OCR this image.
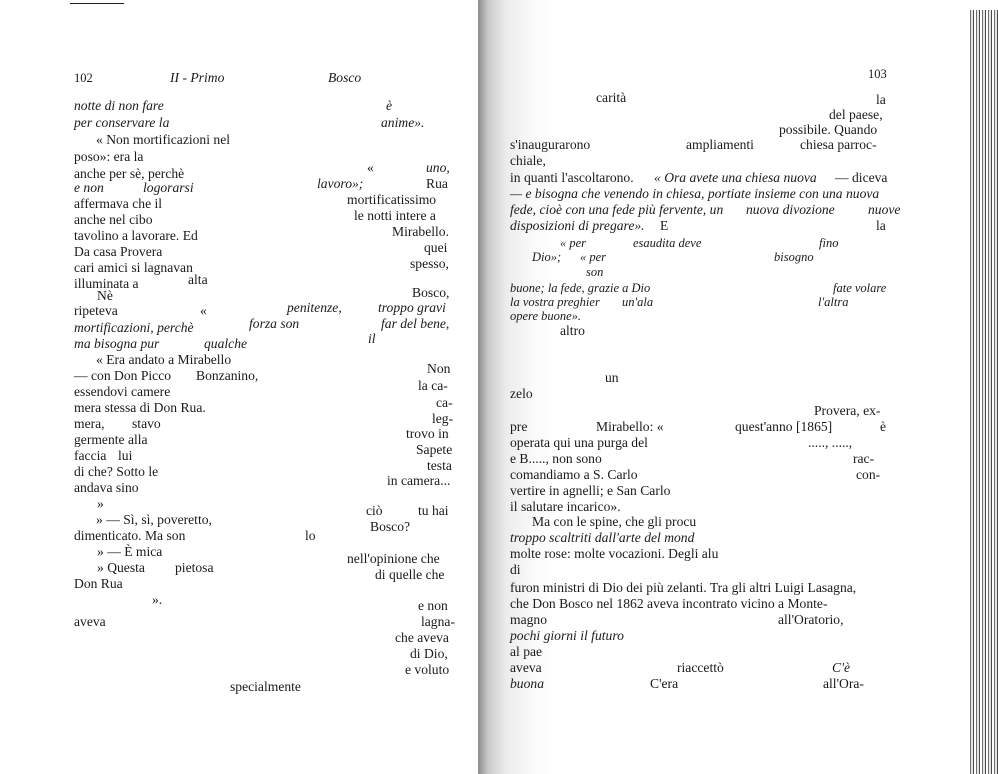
102	II - Primo	Bosco
notte di non fare
per conservare la
« Non mortificazioni nel
poso»: era la
anche per sè, perchè
e non	logorarsi
affermava che il
anche nel cibo
tavolino a lavorare. Ed
Da casa Provera
cari amici si lagnavan
illuminata a	alta
Nè
ripeteva	«	penitenze,	troppo gravi
mortificazioni, perchè	forza son	far del bene,
ma bisogna pur	qualche	il
« Era andato a Mirabello
— con Don Picco Bonzanino,
essendovi camere
mera stessa di Don Rua.
mera, stavo
germente alla
faccia lui
di che? Sotto le
andava sino
»
» — Sì, sì, poveretto,
dimenticato. Ma son	lo
» — È mica
» Questa pietosa
Don Rua
».
aveva
specialmente
è
anime».
«	uno,
lavoro»;	Rua
mortificatissimo
le notti intere a
Mirabello.
quei
spesso,
Bosco,
Non
la ca-
ca-
leg-
trovo in
Sapete
testa
in camera...
ciò	tu hai
Bosco?
nell'opinione che
di quelle che
e non
lagna-
che aveva
di Dio,
e voluto
103
carità	la
del paese,
possibile. Quando
s'inaugurarono	ampliamenti	chiesa parroc-
chiale,
in quanti l'ascoltarono. « Ora avete una chiesa nuova — diceva
— e bisogna che venendo in chiesa, portiate insieme con una nuova
fede, cioè con una fede più fervente, un nuova divozione nuove
disposizioni di pregare». E	la
« per	esaudita deve	fino
Dio»; « per	bisogno
son
buone; la fede, grazie a Dio	fate volare
la vostra preghier un'ala	l'altra
opere buone».
altro
un
zelo
Provera, ex-
pre	Mirabello: «	quest'anno [1865]	è
operata qui una purga del	....., .....,
e B....., non sono	rac-
comandiamo a S. Carlo	con-
vertire in agnelli; e San Carlo
il salutare incarico».
Ma con le spine, che gli procu
troppo scaltriti dall'arte del mond
molte rose: molte vocazioni. Degli alu
di
furon ministri di Dio dei più zelanti. Tra gli altri Luigi Lasagna,
che Don Bosco nel 1862 aveva incontrato vicino a Monte-
magno	all'Oratorio,
pochi giorni il futuro
al pae
aveva	riaccettò	C'è
buona	C'era	all'Ora-
